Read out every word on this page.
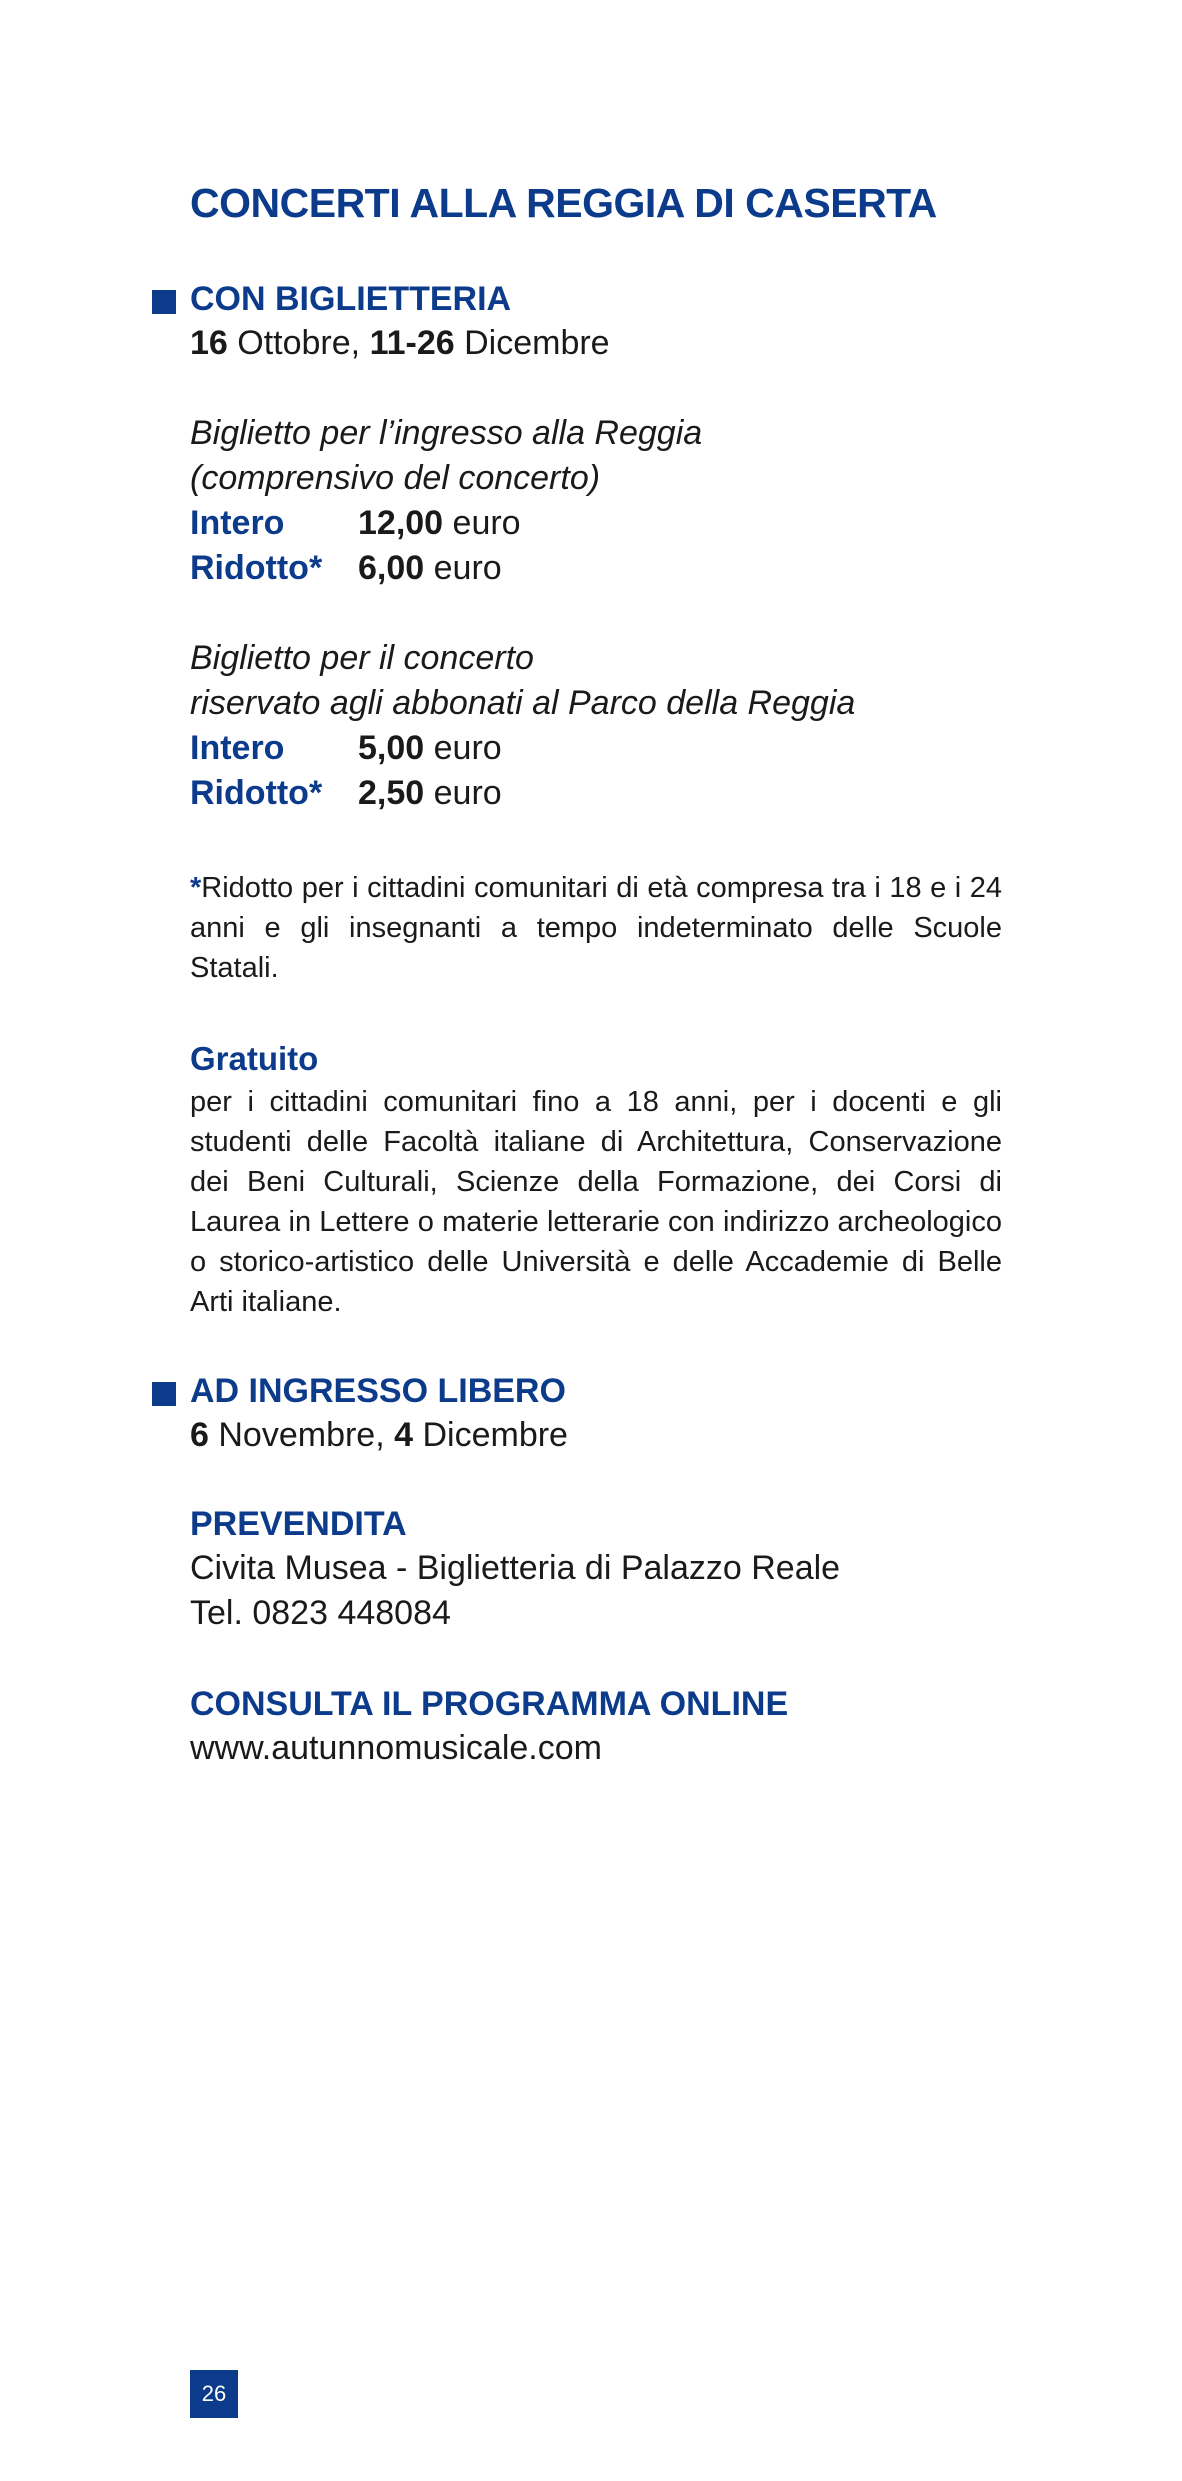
CONCERTI ALLA REGGIA DI CASERTA
CON BIGLIETTERIA
16 Ottobre, 11-26 Dicembre
Biglietto per l’ingresso alla Reggia
(comprensivo del concerto)
Intero 12,00 euro
Ridotto* 6,00 euro
Biglietto per il concerto
riservato agli abbonati al Parco della Reggia
Intero 5,00 euro
Ridotto* 2,50 euro
*Ridotto per i cittadini comunitari di età compresa tra i 18 e i 24 anni e gli insegnanti a tempo indeterminato delle Scuole Statali.
Gratuito
per i cittadini comunitari fino a 18 anni, per i docenti e gli studenti delle Facoltà italiane di Architettura, Conservazione dei Beni Culturali, Scienze della Formazione, dei Corsi di Laurea in Lettere o materie letterarie con indirizzo archeologico o storico-artistico delle Università e delle Accademie di Belle Arti italiane.
AD INGRESSO LIBERO
6 Novembre, 4 Dicembre
PREVENDITA
Civita Musea - Biglietteria di Palazzo Reale
Tel. 0823 448084
CONSULTA IL PROGRAMMA ONLINE
www.autunnomusicale.com
26
